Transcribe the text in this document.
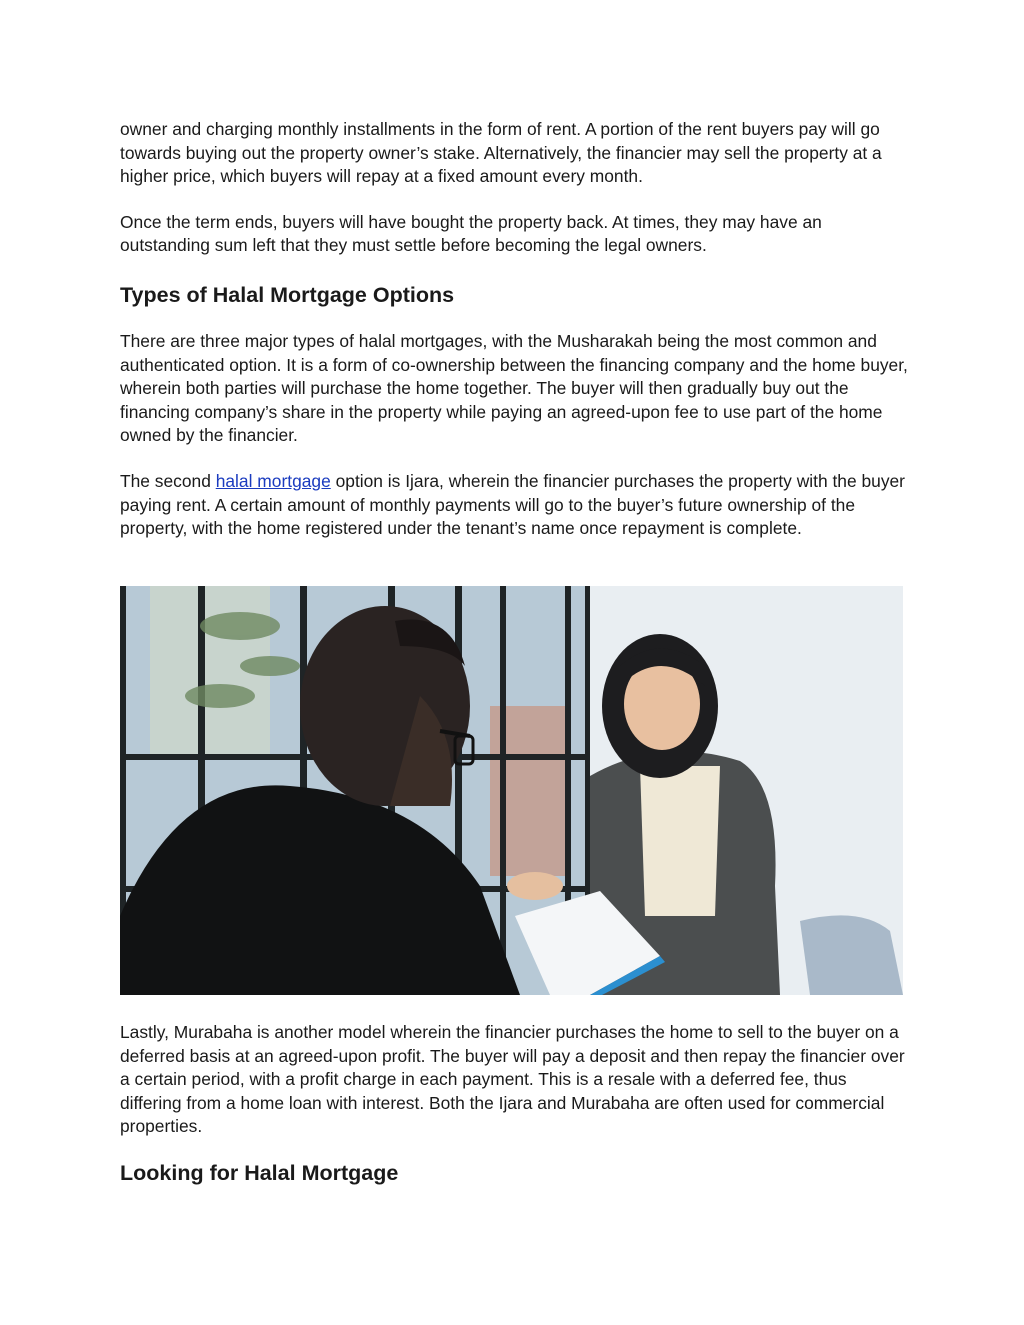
owner and charging monthly installments in the form of rent. A portion of the rent buyers pay will go towards buying out the property owner’s stake. Alternatively, the financier may sell the property at a higher price, which buyers will repay at a fixed amount every month.

Once the term ends, buyers will have bought the property back. At times, they may have an outstanding sum left that they must settle before becoming the legal owners.

Types of Halal Mortgage Options

There are three major types of halal mortgages, with the Musharakah being the most common and authenticated option. It is a form of co-ownership between the financing company and the home buyer, wherein both parties will purchase the home together. The buyer will then gradually buy out the financing company’s share in the property while paying an agreed-upon fee to use part of the home owned by the financier.

The second halal mortgage option is Ijara, wherein the financier purchases the property with the buyer paying rent. A certain amount of monthly payments will go to the buyer’s future ownership of the property, with the home registered under the tenant’s name once repayment is complete.

Lastly, Murabaha is another model wherein the financier purchases the home to sell to the buyer on a deferred basis at an agreed-upon profit. The buyer will pay a deposit and then repay the financier over a certain period, with a profit charge in each payment. This is a resale with a deferred fee, thus differing from a home loan with interest. Both the Ijara and Murabaha are often used for commercial properties.

Looking for Halal Mortgage
